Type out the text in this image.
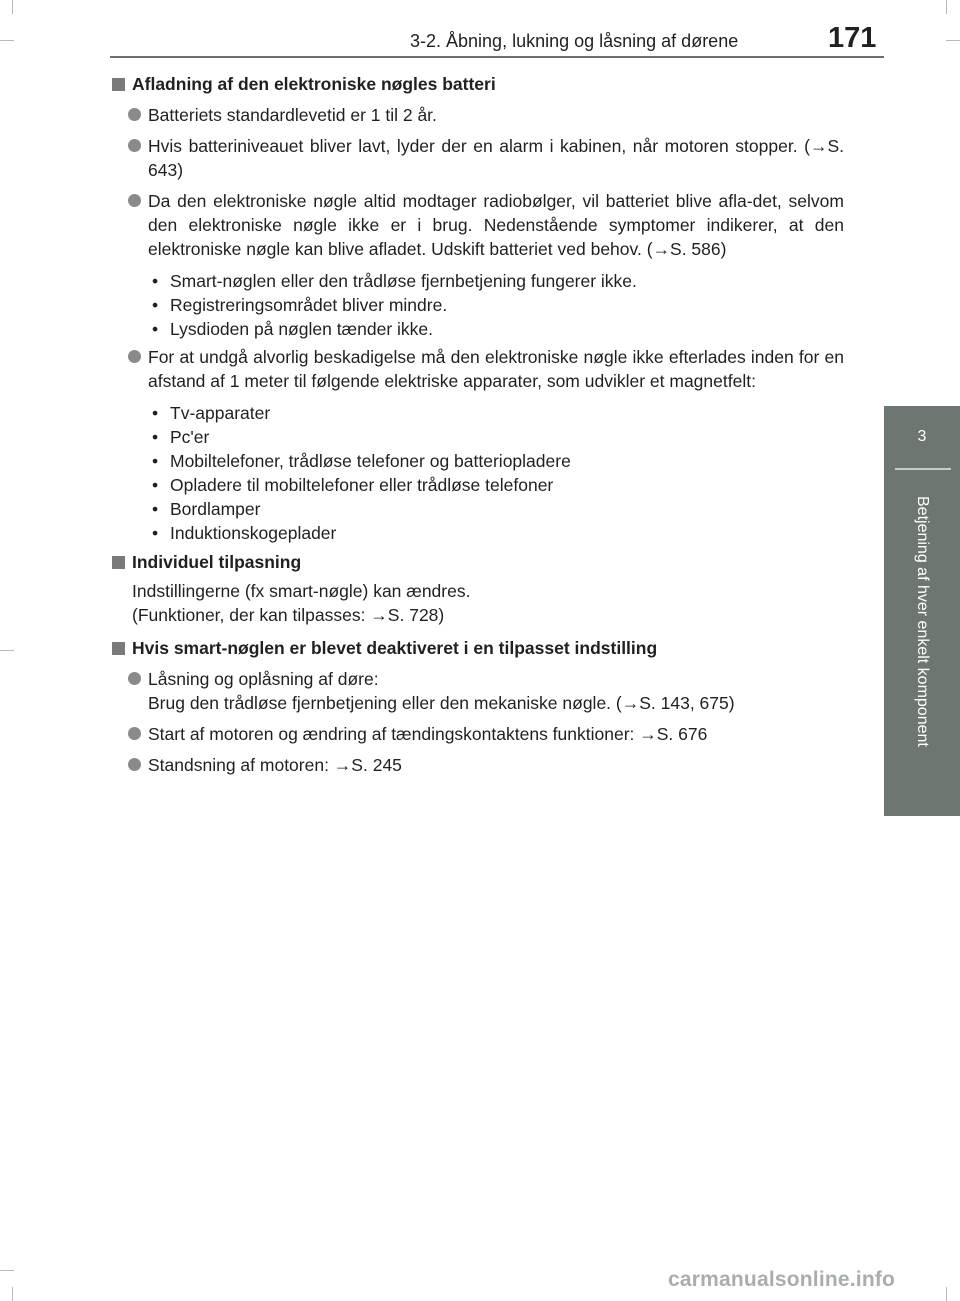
3-2. Åbning, lukning og låsning af dørene	171
3
Betjening af hver enkelt komponent
Afladning af den elektroniske nøgles batteri
Batteriets standardlevetid er 1 til 2 år.
Hvis batteriniveauet bliver lavt, lyder der en alarm i kabinen, når motoren stopper. (→S. 643)
Da den elektroniske nøgle altid modtager radiobølger, vil batteriet blive afla-det, selvom den elektroniske nøgle ikke er i brug. Nedenstående symptomer indikerer, at den elektroniske nøgle kan blive afladet. Udskift batteriet ved behov. (→S. 586)
• Smart-nøglen eller den trådløse fjernbetjening fungerer ikke.
• Registreringsområdet bliver mindre.
• Lysdioden på nøglen tænder ikke.
For at undgå alvorlig beskadigelse må den elektroniske nøgle ikke efterlades inden for en afstand af 1 meter til følgende elektriske apparater, som udvikler et magnetfelt:
• Tv-apparater
• Pc'er
• Mobiltelefoner, trådløse telefoner og batteriopladere
• Opladere til mobiltelefoner eller trådløse telefoner
• Bordlamper
• Induktionskogeplader
Individuel tilpasning
Indstillingerne (fx smart-nøgle) kan ændres.
(Funktioner, der kan tilpasses: →S. 728)
Hvis smart-nøglen er blevet deaktiveret i en tilpasset indstilling
Låsning og oplåsning af døre:
Brug den trådløse fjernbetjening eller den mekaniske nøgle. (→S. 143, 675)
Start af motoren og ændring af tændingskontaktens funktioner: →S. 676
Standsning af motoren: →S. 245
carmanualsonline.info
